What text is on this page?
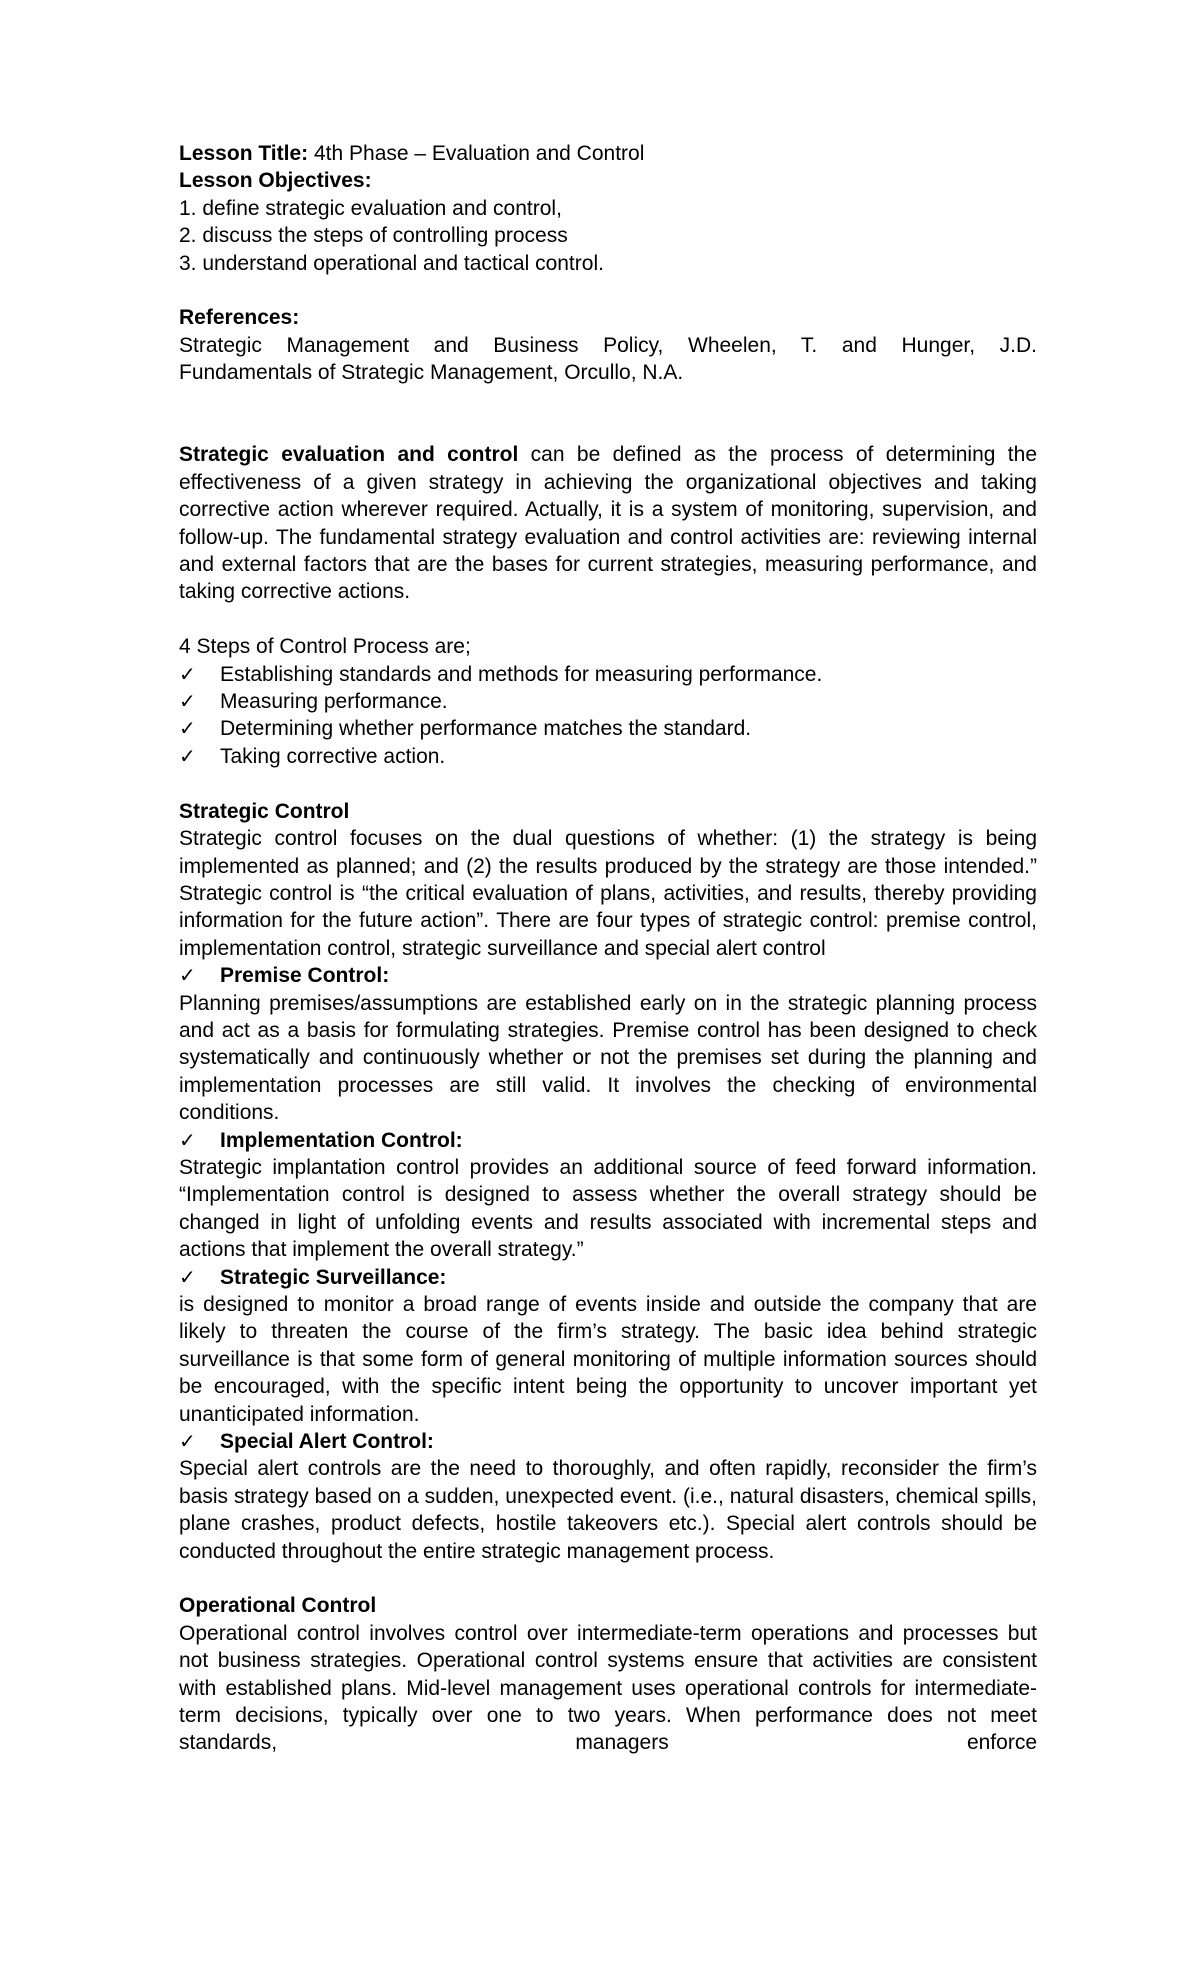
Lesson Title: 4th Phase – Evaluation and Control

Lesson Objectives:

1. define strategic evaluation and control,

2. discuss the steps of controlling process

3. understand operational and tactical control.

References:

Strategic Management and Business Policy, Wheelen, T. and Hunger, J.D.

Fundamentals of Strategic Management, Orcullo, N.A.

Strategic evaluation and control can be defined as the process of determining the effectiveness of a given strategy in achieving the organizational objectives and taking corrective action wherever required. Actually, it is a system of monitoring, supervision, and follow-up. The fundamental strategy evaluation and control activities are: reviewing internal and external factors that are the bases for current strategies, measuring performance, and taking corrective actions.

4 Steps of Control Process are;

✓	Establishing standards and methods for measuring performance.
✓	Measuring performance.
✓	Determining whether performance matches the standard.
✓	Taking corrective action.

Strategic Control

Strategic control focuses on the dual questions of whether: (1) the strategy is being implemented as planned; and (2) the results produced by the strategy are those intended.” Strategic control is “the critical evaluation of plans, activities, and results, thereby providing information for the future action”. There are four types of strategic control: premise control, implementation control, strategic surveillance and special alert control

✓	Premise Control:

Planning premises/assumptions are established early on in the strategic planning process and act as a basis for formulating strategies. Premise control has been designed to check systematically and continuously whether or not the premises set during the planning and implementation processes are still valid. It involves the checking of environmental conditions.

✓	Implementation Control:

Strategic implantation control provides an additional source of feed forward information. “Implementation control is designed to assess whether the overall strategy should be changed in light of unfolding events and results associated with incremental steps and actions that implement the overall strategy.”

✓	Strategic Surveillance:

is designed to monitor a broad range of events inside and outside the company that are likely to threaten the course of the firm’s strategy. The basic idea behind strategic surveillance is that some form of general monitoring of multiple information sources should be encouraged, with the specific intent being the opportunity to uncover important yet unanticipated information.

✓	Special Alert Control:

Special alert controls are the need to thoroughly, and often rapidly, reconsider the firm’s basis strategy based on a sudden, unexpected event. (i.e., natural disasters, chemical spills, plane crashes, product defects, hostile takeovers etc.). Special alert controls should be conducted throughout the entire strategic management process.

Operational Control

Operational control involves control over intermediate-term operations and processes but not business strategies. Operational control systems ensure that activities are consistent with established plans. Mid-level management uses operational controls for intermediate-term decisions, typically over one to two years. When performance does not meet standards, managers enforce
